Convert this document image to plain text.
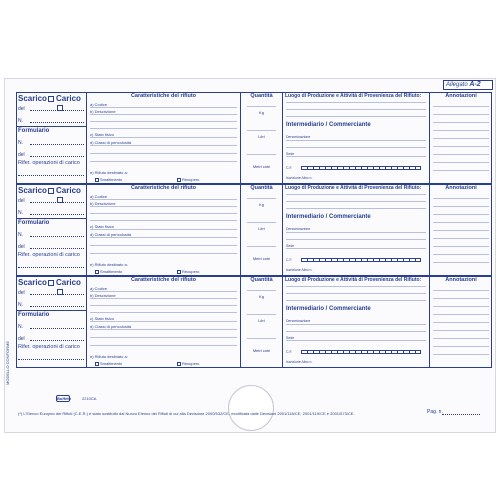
Allegato A-2
Scarico	Carico
del
N.
Formulario
N.
del
Rifer. operazioni di carico
Caratteristiche del rifiuto
a) Codice
b) Descrizione
c) Stato fisico
d) Classi di pericolosità
e) Rifiuto destinato a:
Smaltimento	Recupero
Quantità
Kg
Litri
Metri cubi
Luogo di Produzione e Attività di Provenienza del Rifiuto:
Intermediario / Commerciante
Denominazione
Sede
C.F.
Iscrizione Albo n.
Annotazioni
Scarico	Carico
del
N.
Formulario
N.
del
Rifer. operazioni di carico
Caratteristiche del rifiuto
a) Codice
b) Descrizione
c) Stato fisico
d) Classi di pericolosità
e) Rifiuto destinato a:
Smaltimento	Recupero
Quantità
Kg
Litri
Metri cubi
Luogo di Produzione e Attività di Provenienza del Rifiuto:
Intermediario / Commerciante
Denominazione
Sede
C.F.
Iscrizione Albo n.
Annotazioni
Scarico	Carico
del
N.
Formulario
N.
del
Rifer. operazioni di carico
Caratteristiche del rifiuto
a) Codice
b) Descrizione
c) Stato fisico
d) Classi di pericolosità
e) Rifiuto destinato a:
Smaltimento	Recupero
Quantità
Kg
Litri
Metri cubi
Luogo di Produzione e Attività di Provenienza del Rifiuto:
Intermediario / Commerciante
Denominazione
Sede
C.F.
Iscrizione Albo n.
Annotazioni
MODELLO CONFORME
Buffetti	2210CA
(*) L'Elenco Europeo dei Rifiuti (C.E.R.) è stato sostituito dal Nuovo Elenco dei Rifiuti di cui alla Decisione 2000/532/CE, modificata dalle Decisioni 2001/118/CE, 2001/119/CE e 2001/573/CE.	Pag. n.
